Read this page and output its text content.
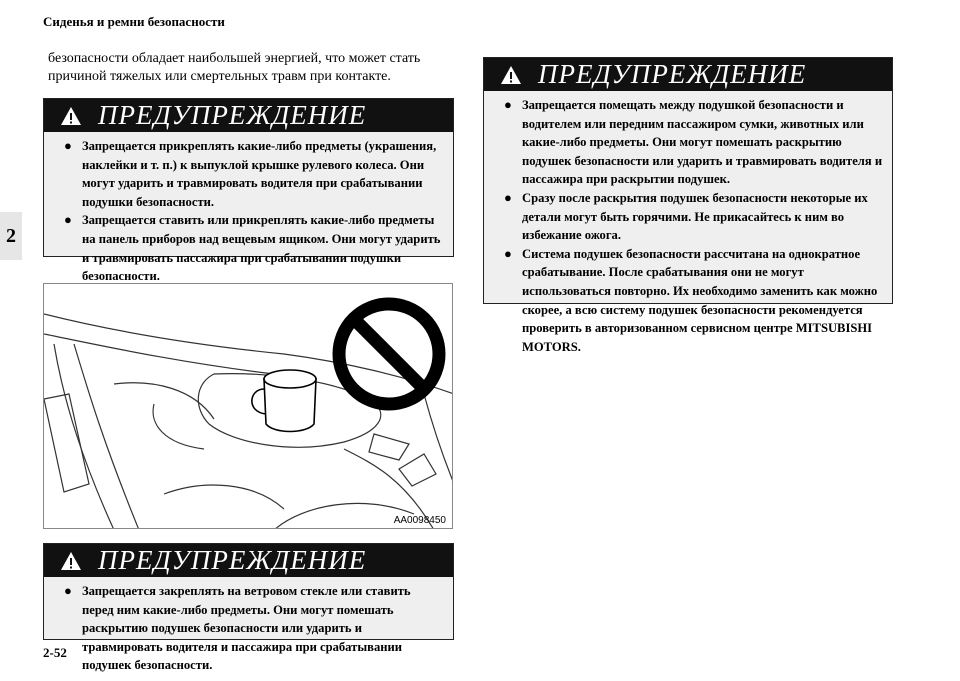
Сиденья и ремни безопасности
2

безопасности обладает наибольшей энергией, что может стать

причиной тяжелых или смертельных травм при контакте.

ПРЕДУПРЕЖДЕНИЕ
● Запрещается прикреплять какие-либо предметы (украшения, наклейки и т. п.) к выпуклой крышке рулевого колеса. Они могут ударить и травмировать водителя при срабатывании подушки безопасности.
● Запрещается ставить или прикреплять какие-либо предметы на панель приборов над вещевым ящиком. Они могут ударить и травмировать пассажира при срабатывании подушки безопасности.
AA0098450
ПРЕДУПРЕЖДЕНИЕ
● Запрещается закреплять на ветровом стекле или ставить перед ним какие-либо предметы. Они могут помешать раскрытию подушек безопасности или ударить и травмировать водителя и пассажира при срабатывании подушек безопасности.
ПРЕДУПРЕЖДЕНИЕ
● Запрещается помещать между подушкой безопасности и водителем или передним пассажиром сумки, животных или какие-либо предметы. Они могут помешать раскрытию подушек безопасности или ударить и травмировать водителя и пассажира при раскрытии подушек.
● Сразу после раскрытия подушек безопасности некоторые их детали могут быть горячими. Не прикасайтесь к ним во избежание ожога.
● Система подушек безопасности рассчитана на однократное срабатывание. После срабатывания они не могут использоваться повторно. Их необходимо заменить как можно скорее, а всю систему подушек безопасности рекомендуется проверить в авторизованном сервисном центре MITSUBISHI MOTORS.
2-52
